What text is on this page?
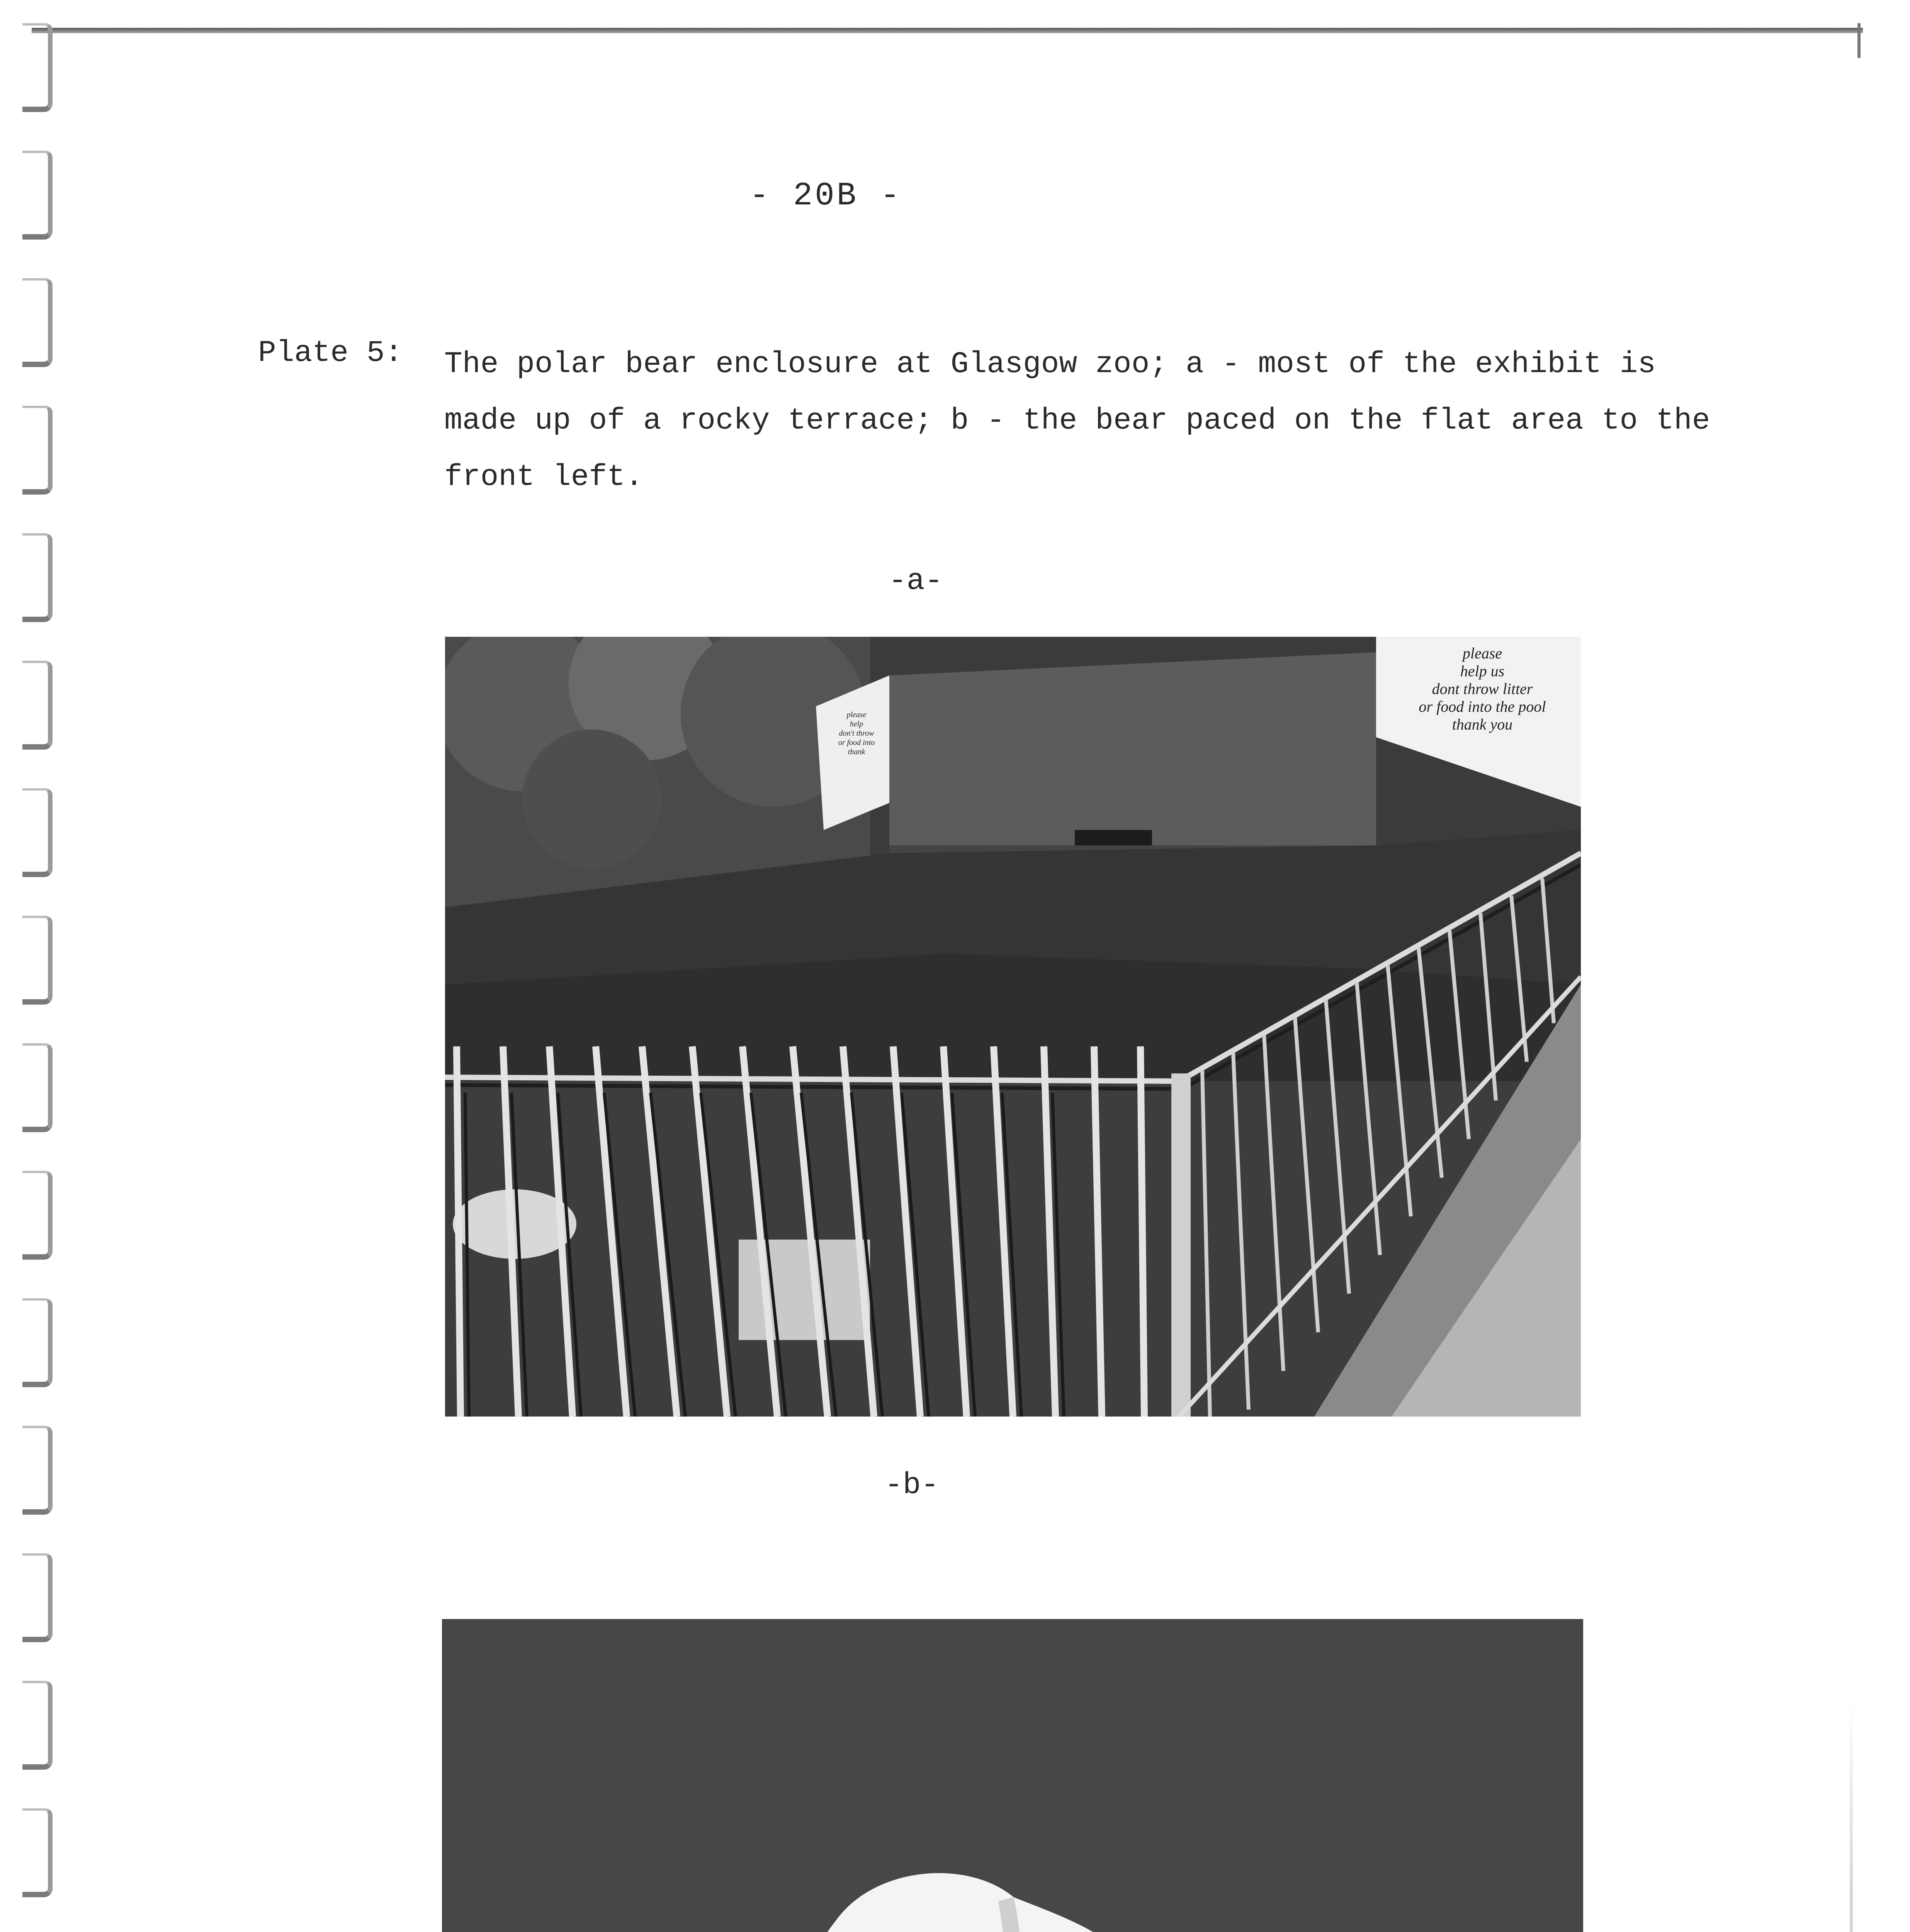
- 20B -
Plate 5: The polar bear enclosure at Glasgow zoo; a - most of the exhibit is made up of a rocky terrace; b - the bear paced on the flat area to the front left.
-a-
please
help
don't throw
or food into
thank
please
help us
dont throw litter
or food into the pool
thank you
-b-
